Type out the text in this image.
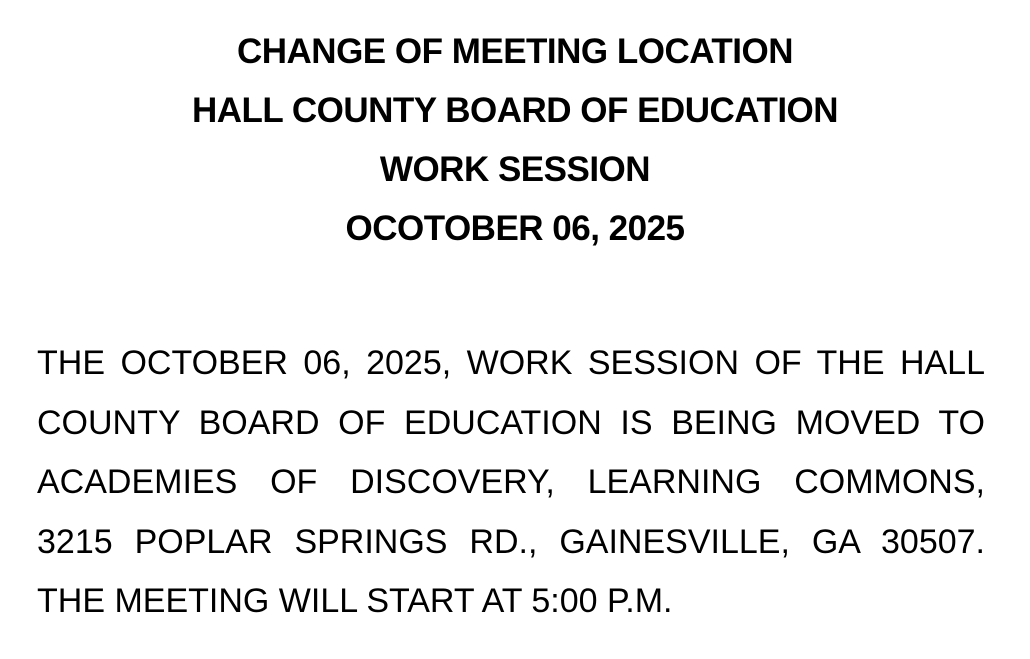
CHANGE OF MEETING LOCATION
HALL COUNTY BOARD OF EDUCATION
WORK SESSION
OCOTOBER 06, 2025
THE OCTOBER 06, 2025, WORK SESSION OF THE HALL
COUNTY BOARD OF EDUCATION IS BEING MOVED TO
ACADEMIES OF DISCOVERY, LEARNING COMMONS,
3215 POPLAR SPRINGS RD., GAINESVILLE, GA 30507.
THE MEETING WILL START AT 5:00 P.M.
